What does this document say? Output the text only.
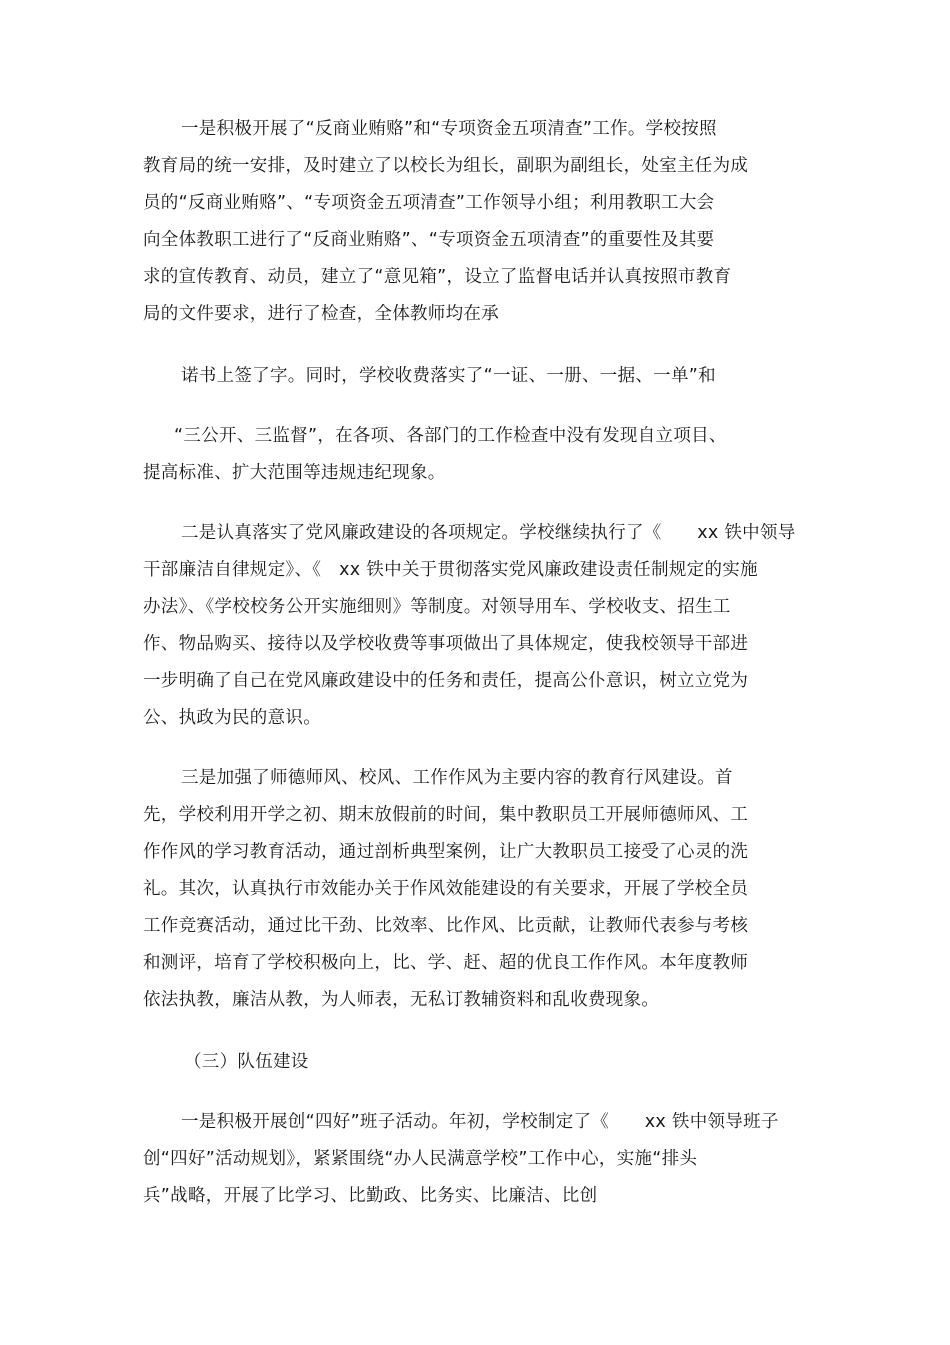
一是积极开展了“反商业贿赂”和“专项资金五项清查”工作。学校按照
教育局的统一安排，及时建立了以校长为组长，副职为副组长，处室主任为成
员的“反商业贿赂”、“专项资金五项清查”工作领导小组；利用教职工大会
向全体教职工进行了“反商业贿赂”、“专项资金五项清查”的重要性及其要
求的宣传教育、动员，建立了“意见箱”，设立了监督电话并认真按照市教育
局的文件要求，进行了检查，全体教师均在承
诺书上签了字。同时，学校收费落实了“一证、一册、一据、一单”和
“三公开、三监督”，在各项、各部门的工作检查中没有发现自立项目、
提高标准、扩大范围等违规违纪现象。
二是认真落实了党风廉政建设的各项规定。学校继续执行了《　　xx 铁中领导
干部廉洁自律规定》、《　xx 铁中关于贯彻落实党风廉政建设责任制规定的实施
办法》、《学校校务公开实施细则》等制度。对领导用车、学校收支、招生工
作、物品购买、接待以及学校收费等事项做出了具体规定，使我校领导干部进
一步明确了自己在党风廉政建设中的任务和责任，提高公仆意识，树立立党为
公、执政为民的意识。
三是加强了师德师风、校风、工作作风为主要内容的教育行风建设。首
先，学校利用开学之初、期末放假前的时间，集中教职员工开展师德师风、工
作作风的学习教育活动，通过剖析典型案例，让广大教职员工接受了心灵的洗
礼。其次，认真执行市效能办关于作风效能建设的有关要求，开展了学校全员
工作竞赛活动，通过比干劲、比效率、比作风、比贡献，让教师代表参与考核
和测评，培育了学校积极向上，比、学、赶、超的优良工作作风。本年度教师
依法执教，廉洁从教，为人师表，无私订教辅资料和乱收费现象。
（三）队伍建设
一是积极开展创“四好”班子活动。年初，学校制定了《　　xx 铁中领导班子
创“四好”活动规划》，紧紧围绕“办人民满意学校”工作中心，实施“排头
兵”战略，开展了比学习、比勤政、比务实、比廉洁、比创
